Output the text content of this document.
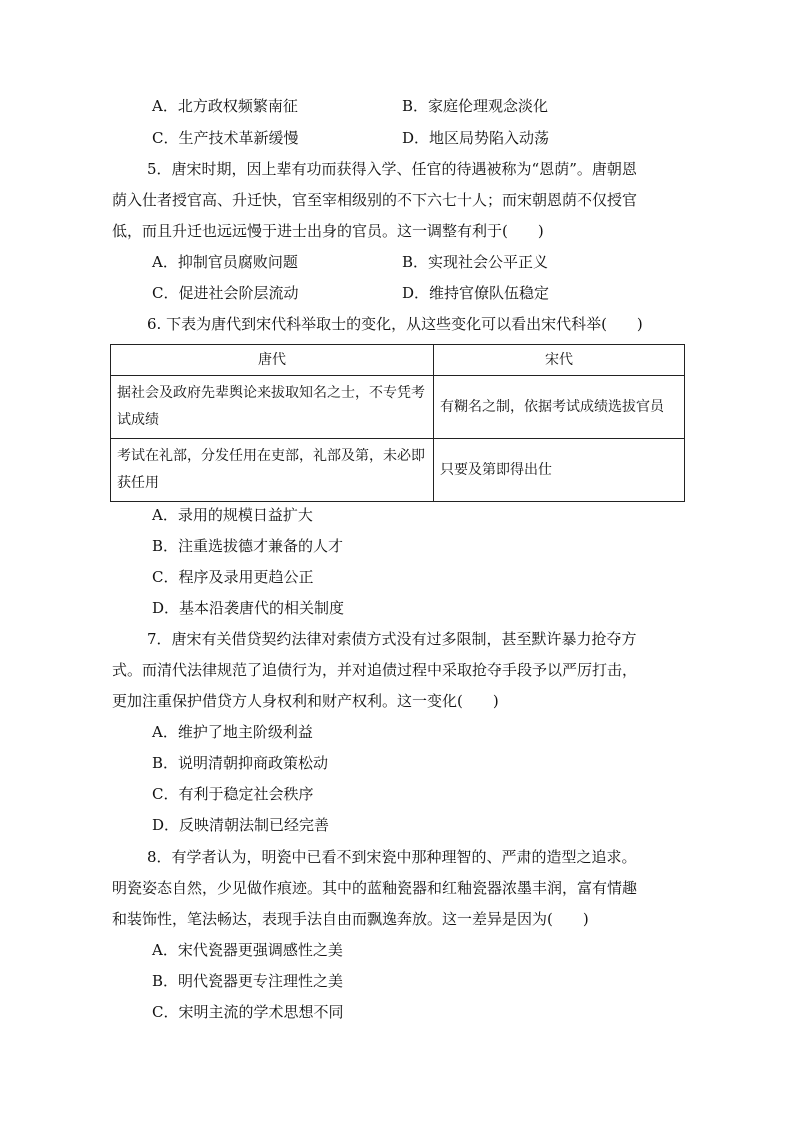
A．北方政权频繁南征	B．家庭伦理观念淡化
C．生产技术革新缓慢	D．地区局势陷入动荡
5．唐宋时期，因上辈有功而获得入学、任官的待遇被称为“恩荫”。唐朝恩
荫入仕者授官高、升迁快，官至宰相级别的不下六七十人；而宋朝恩荫不仅授官
低，而且升迁也远远慢于进士出身的官员。这一调整有利于(　　)
A．抑制官员腐败问题	B．实现社会公平正义
C．促进社会阶层流动	D．维持官僚队伍稳定
6. 下表为唐代到宋代科举取士的变化，从这些变化可以看出宋代科举(　　)
唐代	宋代
据社会及政府先辈舆论来拔取知名之士，不专凭考试成绩	有糊名之制，依据考试成绩选拔官员
考试在礼部，分发任用在吏部，礼部及第，未必即获任用	只要及第即得出仕
A．录用的规模日益扩大
B．注重选拔德才兼备的人才
C．程序及录用更趋公正
D．基本沿袭唐代的相关制度
7．唐宋有关借贷契约法律对索债方式没有过多限制，甚至默许暴力抢夺方
式。而清代法律规范了追债行为，并对追债过程中采取抢夺手段予以严厉打击，
更加注重保护借贷方人身权利和财产权利。这一变化(　　)
A．维护了地主阶级利益
B．说明清朝抑商政策松动
C．有利于稳定社会秩序
D．反映清朝法制已经完善
8．有学者认为，明瓷中已看不到宋瓷中那种理智的、严肃的造型之追求。
明瓷姿态自然，少见做作痕迹。其中的蓝釉瓷器和红釉瓷器浓墨丰润，富有情趣
和装饰性，笔法畅达，表现手法自由而飘逸奔放。这一差异是因为(　　)
A．宋代瓷器更强调感性之美
B．明代瓷器更专注理性之美
C．宋明主流的学术思想不同
